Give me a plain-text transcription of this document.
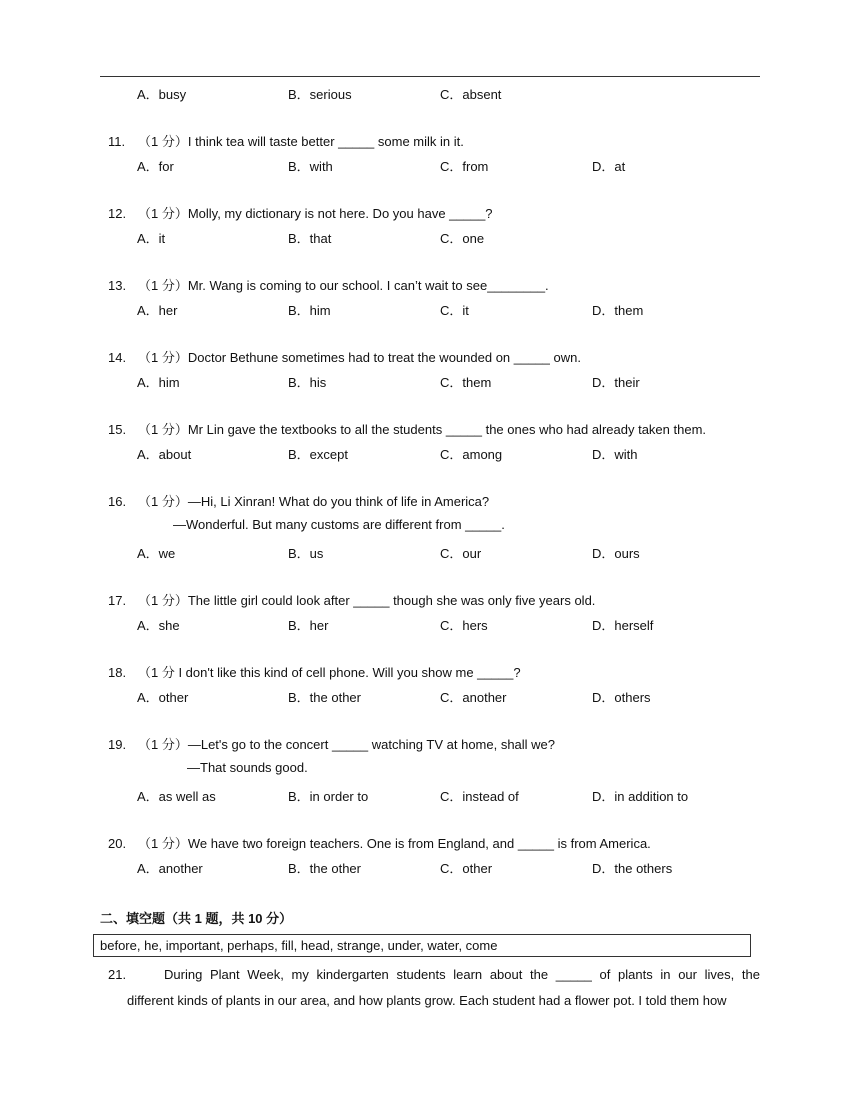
A．busy	B．serious	C．absent
11. （1 分）I think tea will taste better _____ some milk in it.
A．for	B．with	C．from	D．at
12. （1 分）Molly, my dictionary is not here. Do you have _____?
A．it	B．that	C．one
13. （1 分）Mr. Wang is coming to our school. I can’t wait to see________.
A．her	B．him	C．it	D．them
14. （1 分）Doctor Bethune sometimes had to treat the wounded on _____ own.
A．him	B．his	C．them	D．their
15. （1 分）Mr Lin gave the textbooks to all the students _____ the ones who had already taken them.
A．about	B．except	C．among	D．with
16. （1 分）—Hi, Li Xinran! What do you think of life in America?
—Wonderful. But many customs are different from _____.
A．we	B．us	C．our	D．ours
17. （1 分）The little girl could look after _____ though she was only five years old.
A．she	B．her	C．hers	D．herself
18. （1 分 I don't like this kind of cell phone. Will you show me _____?
A．other	B．the other	C．another	D．others
19. （1 分）—Let's go to the concert _____ watching TV at home, shall we?
—That sounds good.
A．as well as	B．in order to	C．instead of	D．in addition to
20. （1 分）We have two foreign teachers. One is from England, and _____ is from America.
A．another	B．the other	C．other	D．the others
二、填空题（共 1 题，共 10 分）
before, he, important, perhaps, fill, head, strange, under, water, come
21.	During Plant Week, my kindergarten students learn about the _____ of plants in our lives, the
different kinds of plants in our area, and how plants grow. Each student had a flower pot. I told them how
